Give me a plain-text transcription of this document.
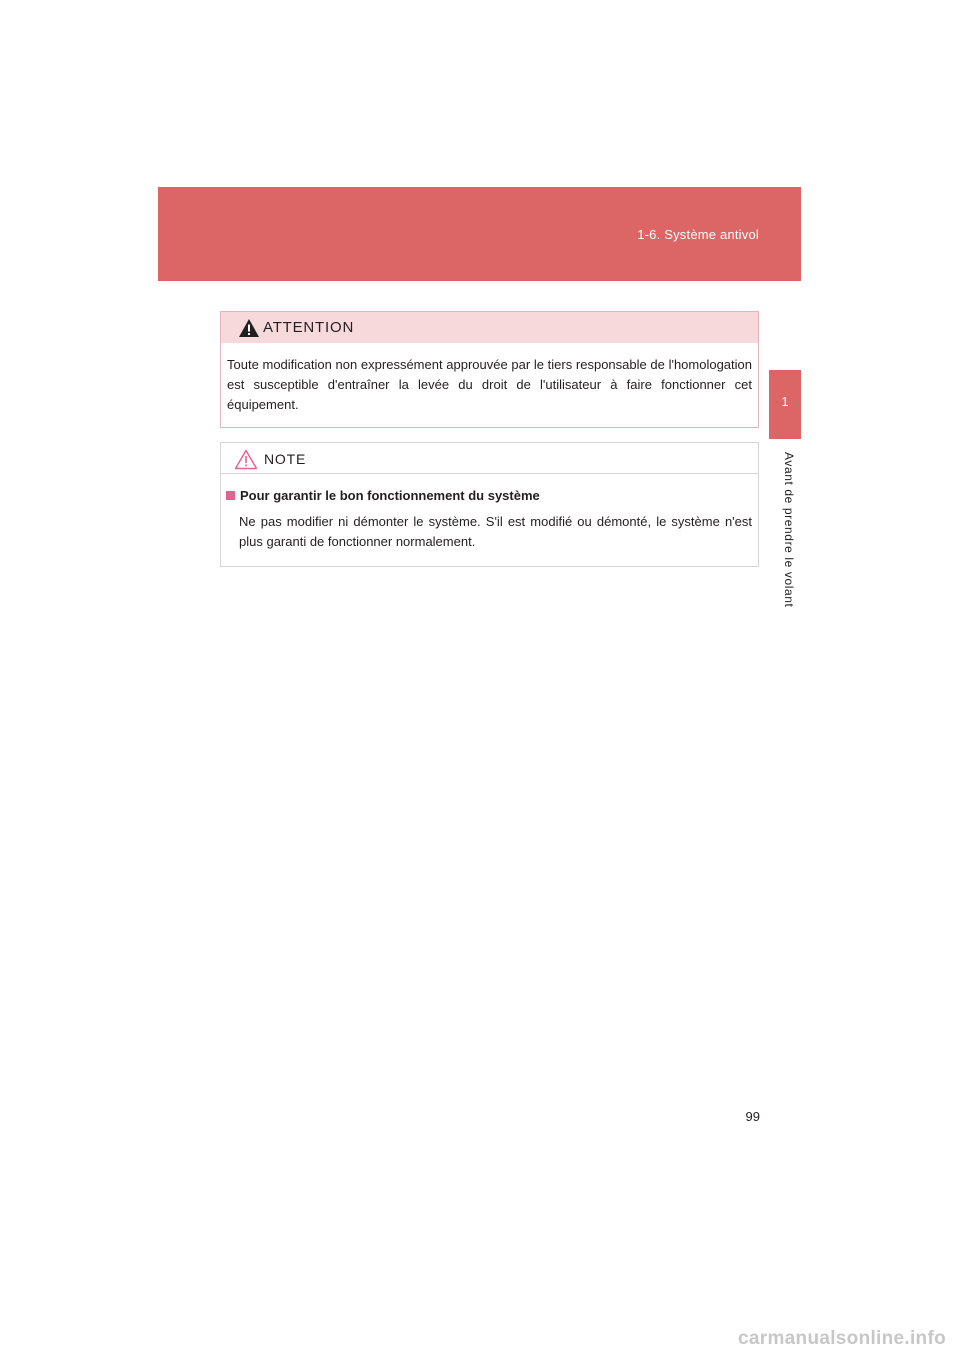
1-6. Système antivol
1
Avant de prendre le volant
ATTENTION
Toute modification non expressément approuvée par le tiers responsable de l'homologation est susceptible d'entraîner la levée du droit de l'utilisateur à faire fonctionner cet équipement.
NOTE
Pour garantir le bon fonctionnement du système
Ne pas modifier ni démonter le système. S'il est modifié ou démonté, le système n'est plus garanti de fonctionner normalement.
99
carmanualsonline.info
